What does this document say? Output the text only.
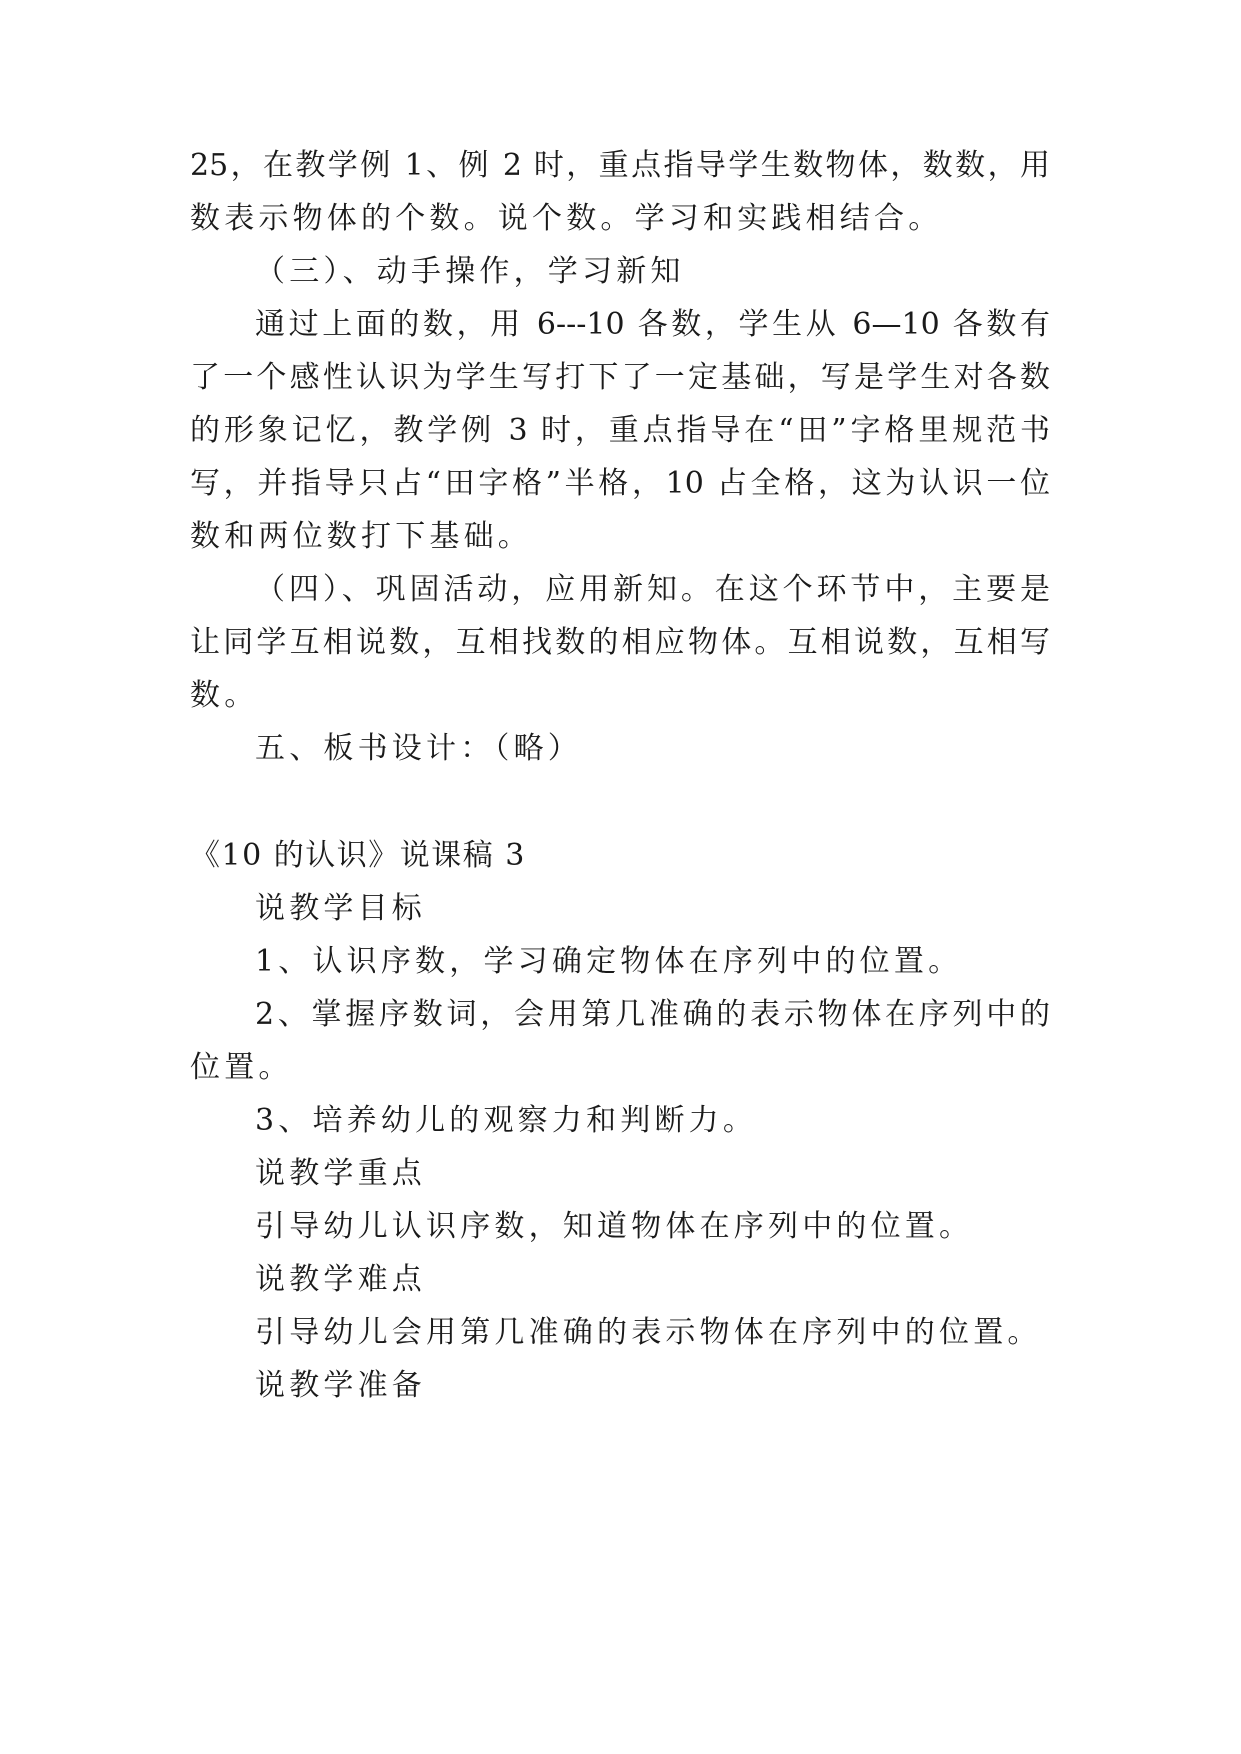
25，在教学例 1、例 2 时，重点指导学生数物体，数数，用
数表示物体的个数。说个数。学习和实践相结合。
（三）、动手操作，学习新知
通过上面的数，用 6---10 各数，学生从 6—10 各数有
了一个感性认识为学生写打下了一定基础，写是学生对各数
的形象记忆，教学例 3 时，重点指导在“田”字格里规范书
写，并指导只占“田字格”半格，10 占全格，这为认识一位
数和两位数打下基础。
（四）、巩固活动，应用新知。在这个环节中，主要是
让同学互相说数，互相找数的相应物体。互相说数，互相写
数。
五、板书设计：（略）
《10 的认识》说课稿 3
说教学目标
1、认识序数，学习确定物体在序列中的位置。
2、掌握序数词，会用第几准确的表示物体在序列中的
位置。
3、培养幼儿的观察力和判断力。
说教学重点
引导幼儿认识序数，知道物体在序列中的位置。
说教学难点
引导幼儿会用第几准确的表示物体在序列中的位置。
说教学准备
